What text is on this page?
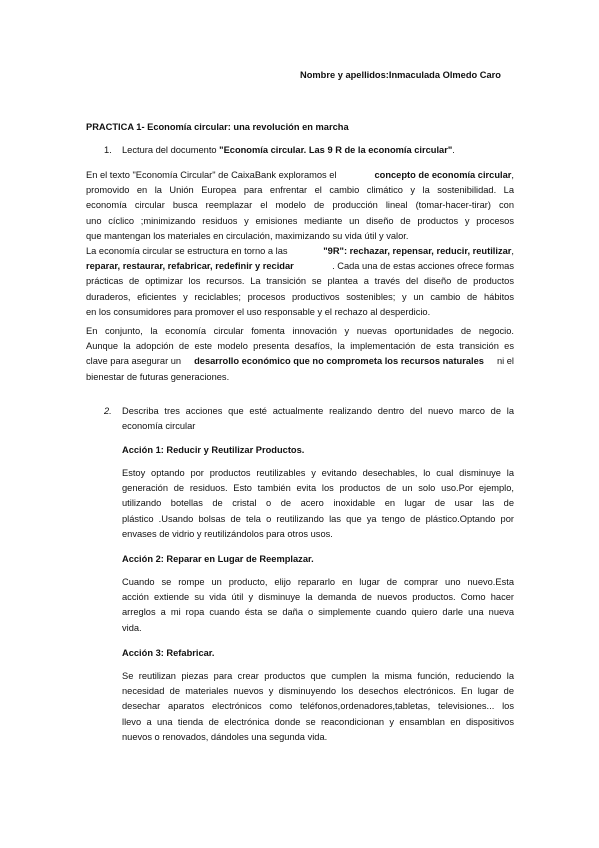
Nombre y apellidos:Inmaculada Olmedo Caro
PRACTICA 1- Economía circular: una revolución en marcha
1. Lectura del documento "Economía circular. Las 9 R de la economía circular".
En el texto "Economía Circular" de CaixaBank exploramos el	concepto de economía circular,
promovido en la Unión Europea para enfrentar el cambio climático y la sostenibilidad. La
economía circular busca reemplazar el modelo de producción lineal (tomar-hacer-tirar) con
uno cíclico ;minimizando residuos y emisiones mediante un diseño de productos y procesos
que mantengan los materiales en circulación, maximizando su vida útil y valor.
La economía circular se estructura en torno a las	"9R": rechazar, repensar, reducir, reutilizar,
reparar, restaurar, refabricar, redefinir y recidar	. Cada una de estas acciones ofrece formas
prácticas de optimizar los recursos. La transición se plantea a través del diseño de productos
duraderos, eficientes y reciclables; procesos productivos sostenibles; y un cambio de hábitos
en los consumidores para promover el uso responsable y el rechazo al desperdicio.
En conjunto, la economía circular fomenta innovación y nuevas oportunidades de negocio.
Aunque la adopción de este modelo presenta desafíos, la implementación de esta transición es
clave para asegurar un desarrollo económico que no comprometa los recursos naturales ni el
bienestar de futuras generaciones.
2. Describa tres acciones que esté actualmente realizando dentro del nuevo marco de la
economía circular
Acción 1: Reducir y Reutilizar Productos.
Estoy optando por productos reutilizables y evitando desechables, lo cual disminuye la
generación de residuos. Esto también evita los productos de un solo uso.Por ejemplo,
utilizando botellas de cristal o de acero inoxidable en lugar de usar las de
plástico .Usando bolsas de tela o reutilizando las que ya tengo de plástico.Optando por
envases de vidrio y reutilizándolos para otros usos.
Acción 2: Reparar en Lugar de Reemplazar.
Cuando se rompe un producto, elijo repararlo en lugar de comprar uno nuevo.Esta
acción extiende su vida útil y disminuye la demanda de nuevos productos. Como hacer
arreglos a mi ropa cuando ésta se daña o simplemente cuando quiero darle una nueva
vida.
Acción 3: Refabricar.
Se reutilizan piezas para crear productos que cumplen la misma función, reduciendo la
necesidad de materiales nuevos y disminuyendo los desechos electrónicos. En lugar de
desechar aparatos electrónicos como teléfonos,ordenadores,tabletas, televisiones... los
llevo a una tienda de electrónica donde se reacondicionan y ensamblan en dispositivos
nuevos o renovados, dándoles una segunda vida.
